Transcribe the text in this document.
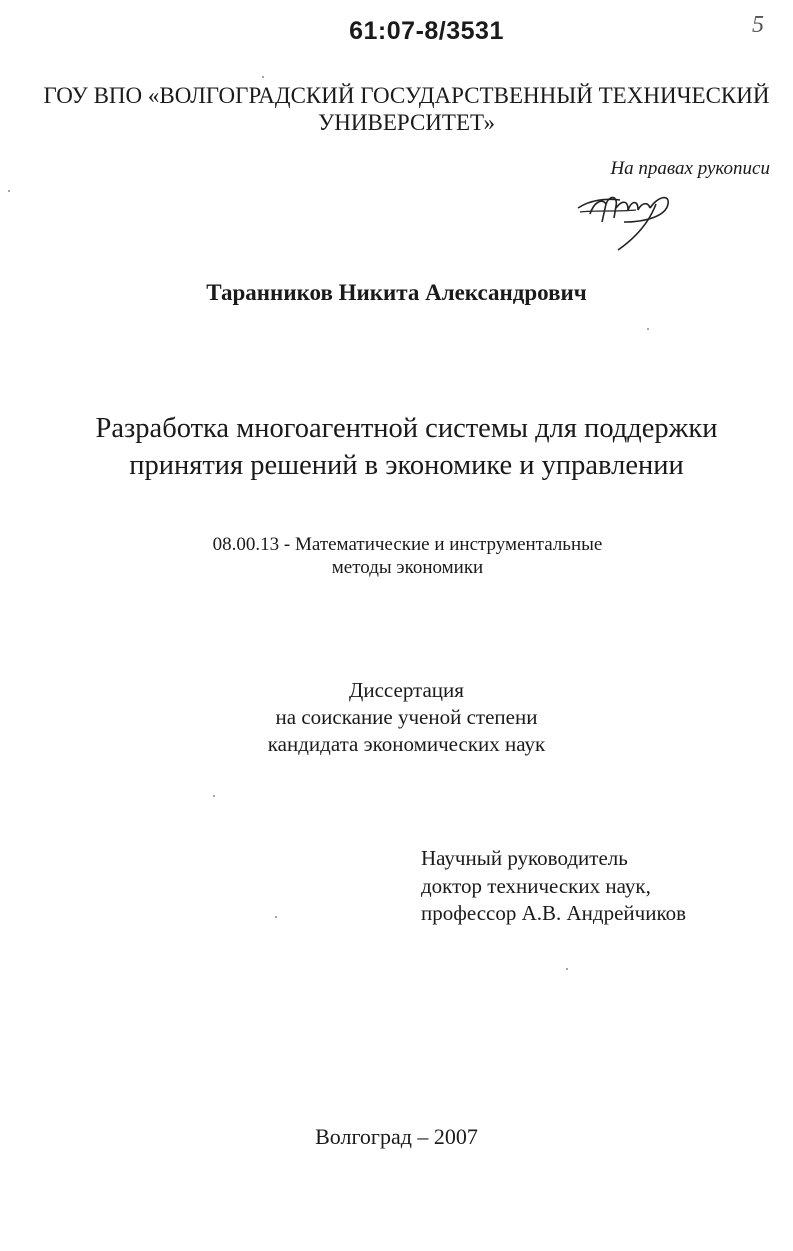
61:07-8/3531	5
ГОУ ВПО «ВОЛГОГРАДСКИЙ ГОСУДАРСТВЕННЫЙ ТЕХНИЧЕСКИЙ
УНИВЕРСИТЕТ»
На правах рукописи
Таранников Никита Александрович
Разработка многоагентной системы для поддержки
принятия решений в экономике и управлении
08.00.13 - Математические и инструментальные
методы экономики
Диссертация
на соискание ученой степени
кандидата экономических наук
Научный руководитель
доктор технических наук,
профессор А.В. Андрейчиков
Волгоград – 2007
